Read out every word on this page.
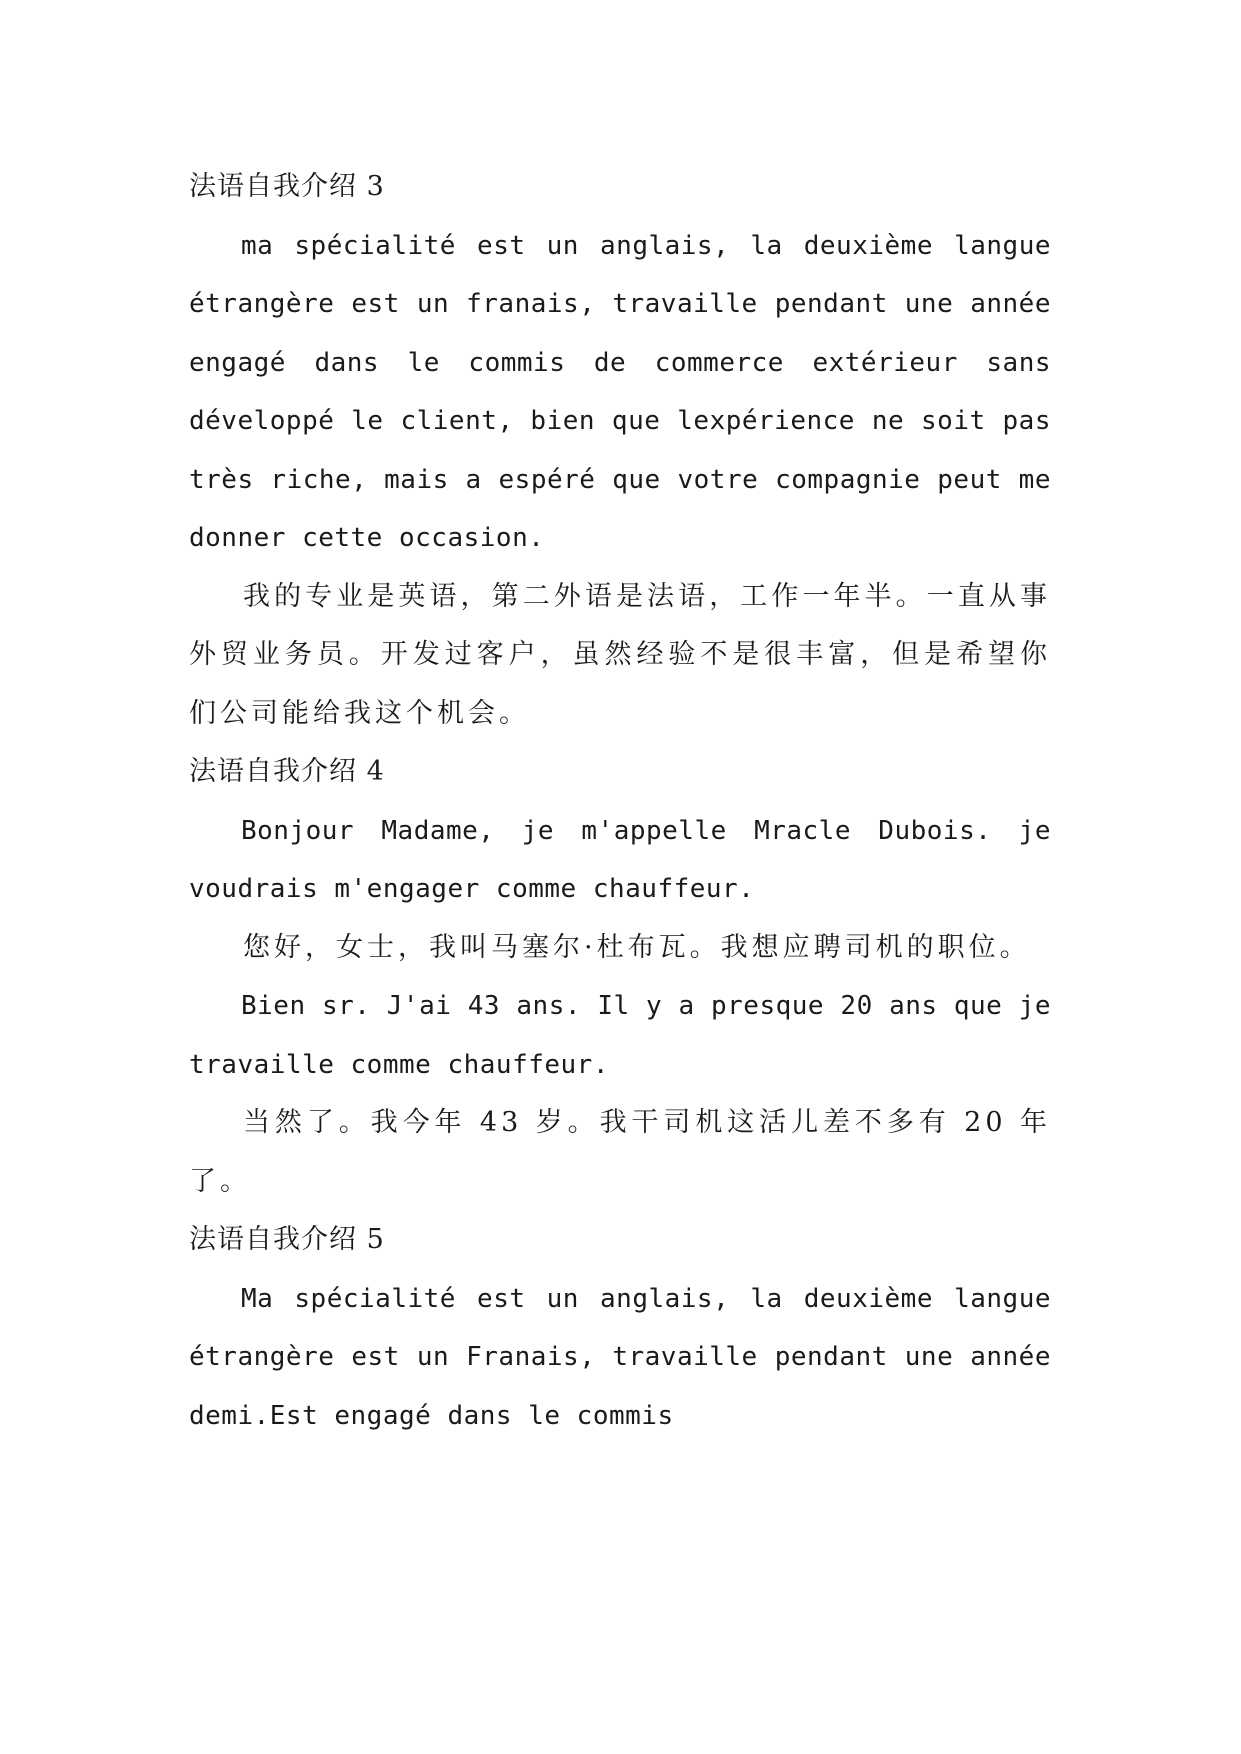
法语自我介绍 3

ma spécialité est un anglais, la deuxième langue étrangère est un franais, travaille pendant une année engagé dans le commis de commerce extérieur sans développé le client, bien que lexpérience ne soit pas très riche, mais a espéré que votre compagnie peut me donner cette occasion.

我的专业是英语，第二外语是法语，工作一年半。一直从事外贸业务员。开发过客户，虽然经验不是很丰富，但是希望你们公司能给我这个机会。

法语自我介绍 4

Bonjour Madame, je m'appelle Mracle Dubois. je voudrais m'engager comme chauffeur.

您好，女士，我叫马塞尔·杜布瓦。我想应聘司机的职位。

Bien sr. J'ai 43 ans. Il y a presque 20 ans que je travaille comme chauffeur.

当然了。我今年 43 岁。我干司机这活儿差不多有 20 年了。

法语自我介绍 5

Ma spécialité est un anglais, la deuxième langue étrangère est un Franais, travaille pendant une année demi.Est engagé dans le commis
